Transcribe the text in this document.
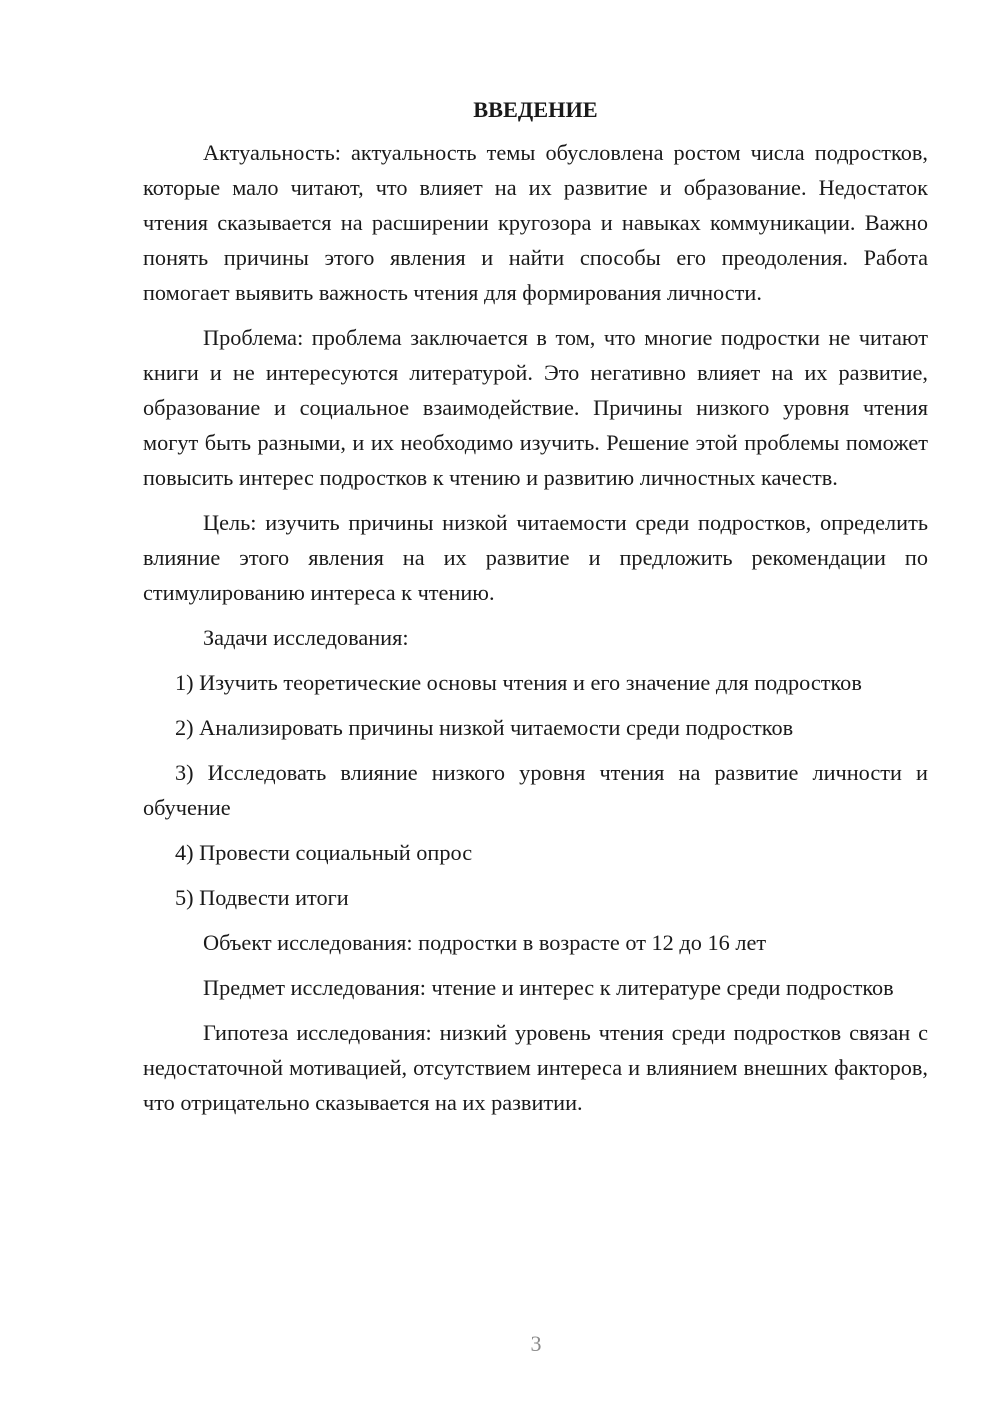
ВВЕДЕНИЕ

Актуальность: актуальность темы обусловлена ростом числа подростков, которые мало читают, что влияет на их развитие и образование. Недостаток чтения сказывается на расширении кругозора и навыках коммуникации. Важно понять причины этого явления и найти способы его преодоления. Работа помогает выявить важность чтения для формирования личности.

Проблема: проблема заключается в том, что многие подростки не читают книги и не интересуются литературой. Это негативно влияет на их развитие, образование и социальное взаимодействие. Причины низкого уровня чтения могут быть разными, и их необходимо изучить. Решение этой проблемы поможет повысить интерес подростков к чтению и развитию личностных качеств.

Цель: изучить причины низкой читаемости среди подростков, определить влияние этого явления на их развитие и предложить рекомендации по стимулированию интереса к чтению.

Задачи исследования:

1) Изучить теоретические основы чтения и его значение для подростков

2) Анализировать причины низкой читаемости среди подростков

3) Исследовать влияние низкого уровня чтения на развитие личности и обучение

4) Провести социальный опрос

5) Подвести итоги

Объект исследования: подростки в возрасте от 12 до 16 лет

Предмет исследования: чтение и интерес к литературе среди подростков

Гипотеза исследования: низкий уровень чтения среди подростков связан с недостаточной мотивацией, отсутствием интереса и влиянием внешних факторов, что отрицательно сказывается на их развитии.

3
